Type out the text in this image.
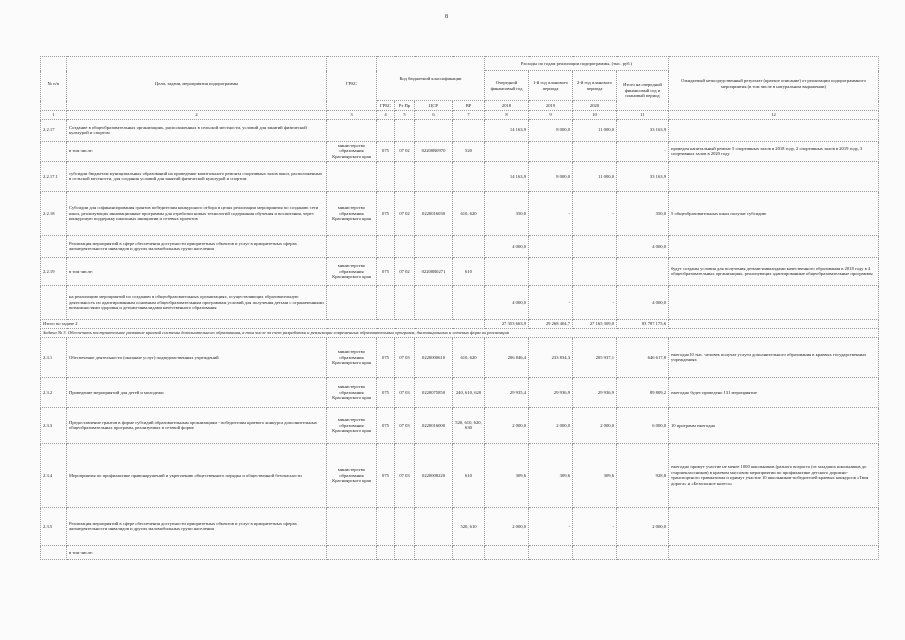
8
№ п/п	Цели, задачи, мероприятия подпрограммы	ГРБС	Код бюджетной классификации				Расходы по годам реализации подпрограммы, (тыс. руб.)				Ожидаемый непосредственный результат (краткое описание) от реализации подпрограммного мероприятия (в том числе в натуральном выражении)
							Очередной финансовый год	1-й год планового периода	2-й год планового периода	Итого на очередной финансовый год и плановый период	
			ГРБС	Рз Пр	ЦСР	ВР	2018	2019	2020		
1	2	3	4	5	6	7	8	9	10	11	12
2.2.17	Создание в общеобразовательных организациях, расположенных в сельской местности, условий для занятий физической культурой и спортом						14 163,9	8 000,0	11 000,0	33 163,9	
	в том числе:	министерство образования Красноярского края	075	07 02	02200R0970	520				-	проведен капитальный ремонт 5 спортивных залов в 2018 году, 2 спортивных залов в 2019 году, 3 спортивных залов в 2020 году
2.2.17.1	субсидии бюджетам муниципальных образований на проведение капитального ремонта спортивных залов школ, расположенных в сельской местности, для создания условий для занятий физической культурой и спортом						14 163,9	8 000,0	11 000,0	33 163,9	
2.2.18	Субсидии для софинансирования грантов победителям конкурсного отбора в целях реализации мероприятия по созданию сети школ, реализующих инновационные программы для отработки новых технологий содержания обучения и воспитания, через конкурсную поддержку школьных инициатив и сетевых проектов	министерство образования Красноярского края	075	07 02	0220016030	610, 620	350,0	-	-	350,0	5 общеобразовательных школ получат субсидию
	Реализация мероприятий в сфере обеспечения доступности приоритетных объектов и услуг в приоритетных сферах жизнедеятельности инвалидов и других маломобильных групп населения						4 000,0			4 000,0	
2.2.19	в том числе:	министерство образования Красноярского края	075	07 02	02200R0271	610					будут созданы условия для получения детьми-инвалидами качественного образования в 2018 году в 4 общеобразовательных организациях, реализующих адаптированные общеобразовательные программы
	на реализацию мероприятий по созданию в общеобразовательных организациях, осуществляющих образовательную деятельность по адаптированным основным общеобразовательным программам условий для получения детьми с ограниченными возможностями здоровья и детьми-инвалидами качественного образования						4 000,0	-	-	4 000,0	
Итого по задаче 2							27 353 663,9	29 268 404,7	27 165 309,0	83 787 175,6	
Задача № 3. Обеспечить поступательное развитие краевой системы дополнительного образования, в том числе за счет разработки и реализации современных образовательных программ, дистанционных и сетевых форм их реализации											
2.3.1	Обеспечение деятельности (оказание услуг) подведомственных учреждений	министерство образования Красноярского края	075	07 03	0220000610	610, 620	206 846,4	233 834,3	205 937,1	646 617,8	ежегодно10 тыс. человек получат услуги дополнительного образования в краевых государственных учреждениях
2.3.2	Проведение мероприятий для детей и молодежи	министерство образования Красноярского края	075	07 03	0220075850	240, 610, 620	29 935,4	29 936,9	29 936,9	89 809,2	ежегодно будет проведено 131 мероприятие
2.3.3	Предоставление грантов в форме субсидий образовательным организациям - победителям краевого конкурса дополнительных общеобразовательных программ, реализуемых в сетевой форме	министерство образования Красноярского края	075	07 03	0220016000	520, 610, 620, 630	2 000,0	2 000,0	2 000,0	6 000,0	10 программ ежегодно
2.3.4	Мероприятия по профилактике правонарушений и укреплению общественного порядка и общественной безопасности	министерство образования Красноярского края	075	07 03	0220008220	610	309,6	309,6	309,6	928,8	ежегодно примут участие не менее 1000 школьников (разного возраста (от младших школьников до старшеклассников) в краевом массовом мероприятии по профилактике детского дорожно-транспортного травматизма и примут участие 10 школьников-победителей краевых конкурсов «Твоя дорога» и «Безопасное колесо»
2.3.5	Реализация мероприятий в сфере обеспечения доступности приоритетных объектов и услуг в приоритетных сферах жизнедеятельности инвалидов и других маломобильных групп населения					520, 610	2 000,0	-	-	2 000,0	
	в том числе:										
